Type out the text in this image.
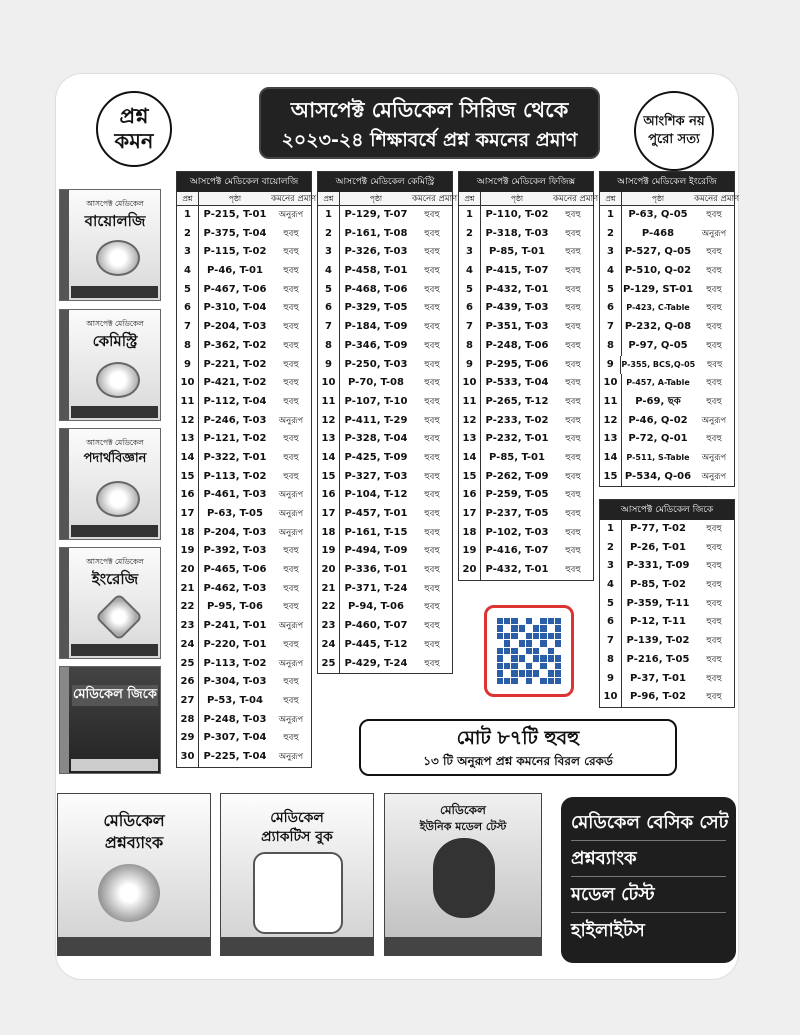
প্রশ্ন
কমন
আসপেক্ট মেডিকেল সিরিজ থেকে
২০২৩-২৪ শিক্ষাবর্ষে প্রশ্ন কমনের প্রমাণ
আংশিক নয়
পুরো সত্য
আসপেক্ট মেডিকেল
বায়োলজি
আসপেক্ট মেডিকেল
কেমিস্ট্রি
আসপেক্ট মেডিকেল
পদার্থবিজ্ঞান
আসপেক্ট মেডিকেল
ইংরেজি
মেডিকেল জিকে
আসপেক্ট মেডিকেল বায়োলজি
প্রশ্ন	পৃষ্ঠা	কমনের প্রমাণ
1	P-215, T-01	অনুরূপ
2	P-375, T-04	হুবহু
3	P-115, T-02	হুবহু
4	P-46, T-01	হুবহু
5	P-467, T-06	হুবহু
6	P-310, T-04	হুবহু
7	P-204, T-03	হুবহু
8	P-362, T-02	হুবহু
9	P-221, T-02	হুবহু
10 P-421, T-02	হুবহু
11 P-112, T-04	হুবহু
12 P-246, T-03	অনুরূপ
13 P-121, T-02	হুবহু
14 P-322, T-01	হুবহু
15 P-113, T-02	হুবহু
16 P-461, T-03	অনুরূপ
17	P-63, T-05	অনুরূপ
18 P-204, T-03	অনুরূপ
19 P-392, T-03	হুবহু
20 P-465, T-06	হুবহু
21 P-462, T-03	হুবহু
22	P-95, T-06	হুবহু
23 P-241, T-01	অনুরূপ
24 P-220, T-01	হুবহু
25 P-113, T-02	অনুরূপ
26 P-304, T-03	হুবহু
27	P-53, T-04	হুবহু
28 P-248, T-03	অনুরূপ
29 P-307, T-04	হুবহু
30 P-225, T-04	অনুরূপ
আসপেক্ট মেডিকেল কেমিস্ট্রি
প্রশ্ন	পৃষ্ঠা	কমনের প্রমাণ
1	P-129, T-07	হুবহু
2	P-161, T-08	হুবহু
3	P-326, T-03	হুবহু
4	P-458, T-01	হুবহু
5	P-468, T-06	হুবহু
6	P-329, T-05	হুবহু
7	P-184, T-09	হুবহু
8	P-346, T-09	হুবহু
9	P-250, T-03	হুবহু
10	P-70, T-08	হুবহু
11 P-107, T-10	হুবহু
12 P-411, T-29	হুবহু
13 P-328, T-04	হুবহু
14 P-425, T-09	হুবহু
15 P-327, T-03	হুবহু
16 P-104, T-12	হুবহু
17 P-457, T-01	হুবহু
18 P-161, T-15	হুবহু
19 P-494, T-09	হুবহু
20 P-336, T-01	হুবহু
21 P-371, T-24	হুবহু
22	P-94, T-06	হুবহু
23 P-460, T-07	হুবহু
24 P-445, T-12	হুবহু
25 P-429, T-24	হুবহু
আসপেক্ট মেডিকেল ফিজিক্স
প্রশ্ন	পৃষ্ঠা	কমনের প্রমাণ
1	P-110, T-02	হুবহু
2	P-318, T-03	হুবহু
3	P-85, T-01	হুবহু
4	P-415, T-07	হুবহু
5	P-432, T-01	হুবহু
6	P-439, T-03	হুবহু
7	P-351, T-03	হুবহু
8	P-248, T-06	হুবহু
9	P-295, T-06	হুবহু
10 P-533, T-04	হুবহু
11 P-265, T-12	হুবহু
12 P-233, T-02	হুবহু
13 P-232, T-01	হুবহু
14	P-85, T-01	হুবহু
15 P-262, T-09	হুবহু
16 P-259, T-05	হুবহু
17 P-237, T-05	হুবহু
18 P-102, T-03	হুবহু
19 P-416, T-07	হুবহু
20 P-432, T-01	হুবহু
আসপেক্ট মেডিকেল ইংরেজি
প্রশ্ন	পৃষ্ঠা	কমনের প্রমাণ
1	P-63, Q-05	হুবহু
2	P-468	অনুরূপ
3	P-527, Q-05	হুবহু
4	P-510, Q-02	হুবহু
5 P-129, ST-01	হুবহু
6	P-423, C-Table	হুবহু
7	P-232, Q-08	হুবহু
8	P-97, Q-05	হুবহু
9 P-355, BCS,Q-05	হুবহু
10	P-457, A-Table	হুবহু
11	P-69, ছক	হুবহু
12	P-46, Q-02	অনুরূপ
13	P-72, Q-01	হুবহু
14	P-511, S-Table	অনুরূপ
15 P-534, Q-06	অনুরূপ
আসপেক্ট মেডিকেল জিকে
1	P-77, T-02	হুবহু
2	P-26, T-01	হুবহু
3	P-331, T-09	হুবহু
4	P-85, T-02	হুবহু
5	P-359, T-11	হুবহু
6	P-12, T-11	হুবহু
7	P-139, T-02	হুবহু
8	P-216, T-05	হুবহু
9	P-37, T-01	হুবহু
10	P-96, T-02	হুবহু
মোট ৮৭টি হুবহু
১৩ টি অনুরূপ প্রশ্ন কমনের বিরল রেকর্ড
মেডিকেল
প্রশ্নব্যাংক
মেডিকেল
প্র্যাকটিস বুক
মেডিকেল
ইউনিক মডেল টেস্ট	মেডিকেল বেসিক সেট
প্রশ্নব্যাংক
মডেল টেস্ট
হাইলাইটস
